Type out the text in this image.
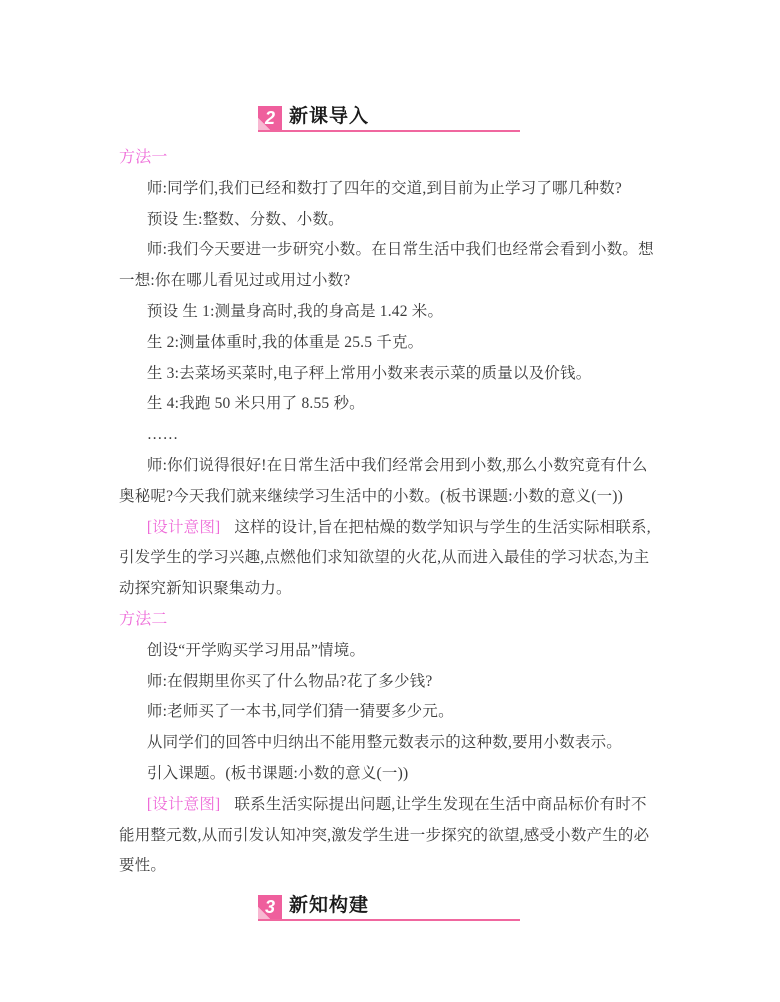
2 新课导入

方法一

师:同学们,我们已经和数打了四年的交道,到目前为止学习了哪几种数?

预设 生:整数、分数、小数。

师:我们今天要进一步研究小数。在日常生活中我们也经常会看到小数。想一想:你在哪儿看见过或用过小数?

预设 生 1:测量身高时,我的身高是 1.42 米。

生 2:测量体重时,我的体重是 25.5 千克。

生 3:去菜场买菜时,电子秤上常用小数来表示菜的质量以及价钱。

生 4:我跑 50 米只用了 8.55 秒。

……

师:你们说得很好!在日常生活中我们经常会用到小数,那么小数究竟有什么奥秘呢?今天我们就来继续学习生活中的小数。(板书课题:小数的意义(一))

[设计意图] 这样的设计,旨在把枯燥的数学知识与学生的生活实际相联系,引发学生的学习兴趣,点燃他们求知欲望的火花,从而进入最佳的学习状态,为主动探究新知识聚集动力。

方法二

创设“开学购买学习用品”情境。

师:在假期里你买了什么物品?花了多少钱?

师:老师买了一本书,同学们猜一猜要多少元。

从同学们的回答中归纳出不能用整元数表示的这种数,要用小数表示。

引入课题。(板书课题:小数的意义(一))

[设计意图] 联系生活实际提出问题,让学生发现在生活中商品标价有时不能用整元数,从而引发认知冲突,激发学生进一步探究的欲望,感受小数产生的必要性。

3 新知构建
